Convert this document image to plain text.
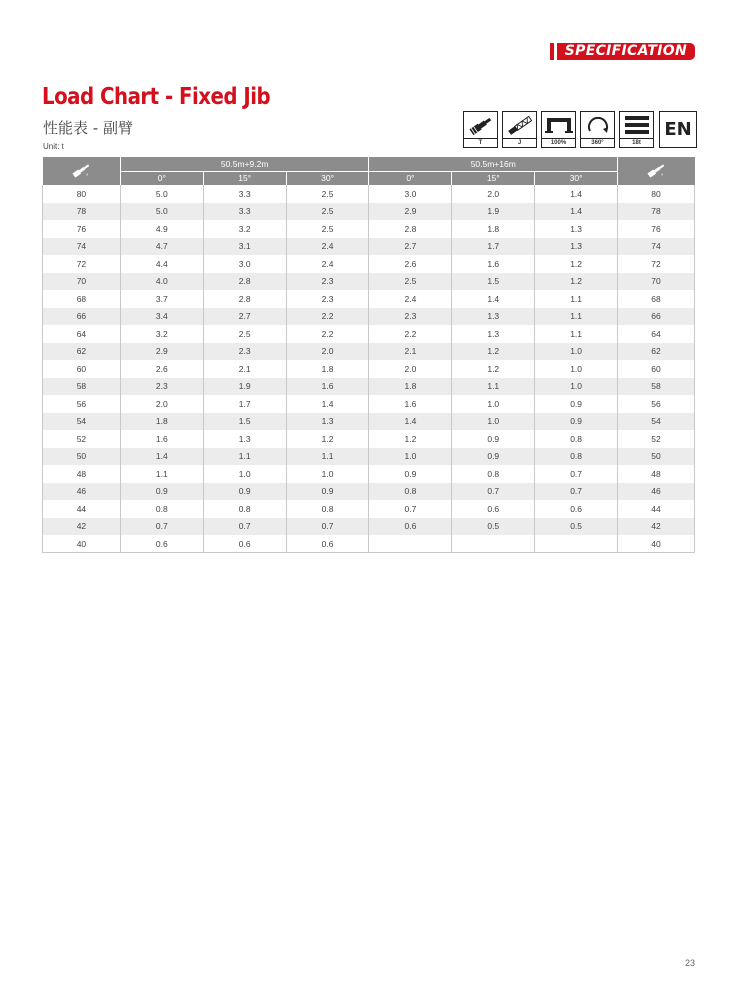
SPECIFICATION
Load Chart - Fixed Jib
性能表 - 副臂
Unit: t	T	J	100%	360°	18t
EN
°	50.5m+9.2m			50.5m+16m			°

	0°	15°	30°	0°	15°	30°	
80	5.0	3.3	2.5	3.0	2.0	1.4	80
78	5.0	3.3	2.5	2.9	1.9	1.4	78
76	4.9	3.2	2.5	2.8	1.8	1.3	76
74	4.7	3.1	2.4	2.7	1.7	1.3	74
72	4.4	3.0	2.4	2.6	1.6	1.2	72
70	4.0	2.8	2.3	2.5	1.5	1.2	70
68	3.7	2.8	2.3	2.4	1.4	1.1	68
66	3.4	2.7	2.2	2.3	1.3	1.1	66
64	3.2	2.5	2.2	2.2	1.3	1.1	64
62	2.9	2.3	2.0	2.1	1.2	1.0	62
60	2.6	2.1	1.8	2.0	1.2	1.0	60
58	2.3	1.9	1.6	1.8	1.1	1.0	58
56	2.0	1.7	1.4	1.6	1.0	0.9	56
54	1.8	1.5	1.3	1.4	1.0	0.9	54
52	1.6	1.3	1.2	1.2	0.9	0.8	52
50	1.4	1.1	1.1	1.0	0.9	0.8	50
48	1.1	1.0	1.0	0.9	0.8	0.7	48
46	0.9	0.9	0.9	0.8	0.7	0.7	46
44	0.8	0.8	0.8	0.7	0.6	0.6	44
42	0.7	0.7	0.7	0.6	0.5	0.5	42
40	0.6	0.6	0.6				40
23
